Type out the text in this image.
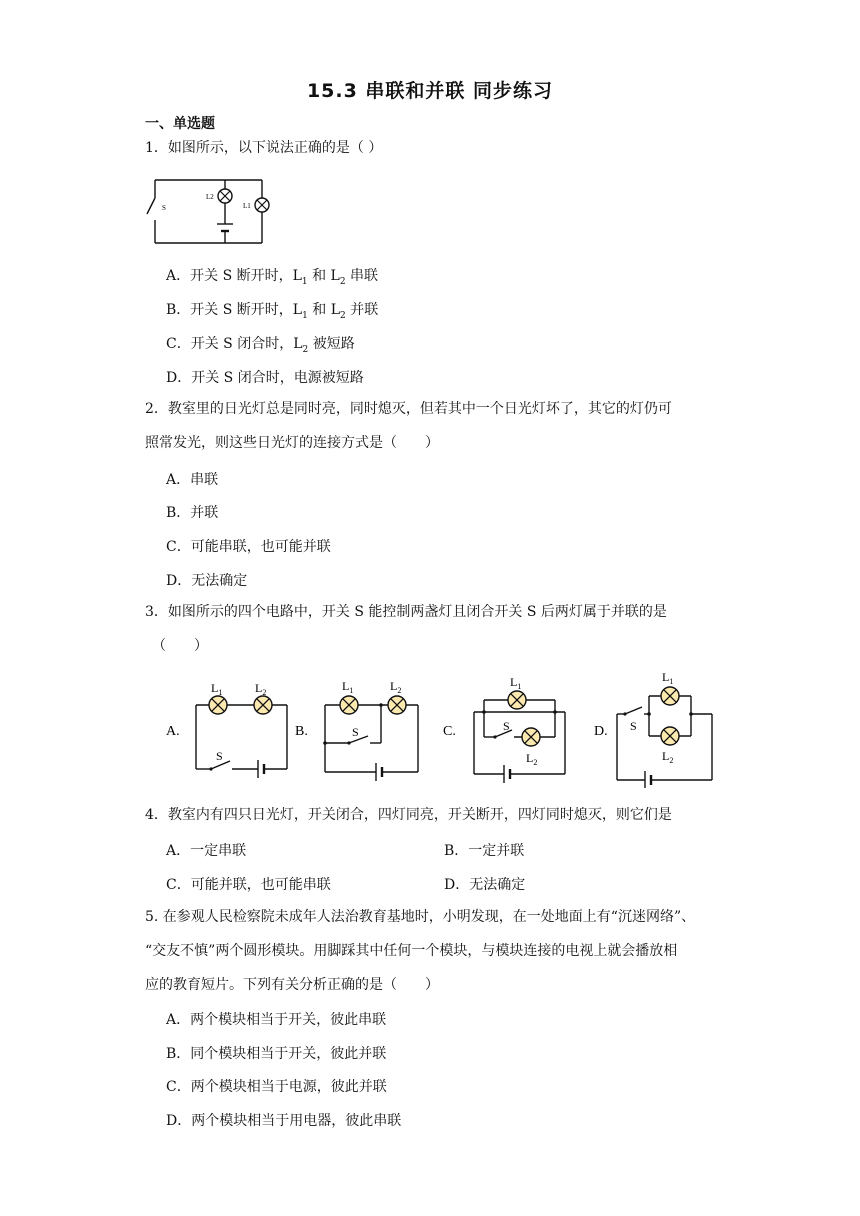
15.3 串联和并联 同步练习
一、单选题
1．如图所示，以下说法正确的是（ ）
S
L2
L1
A．开关 S 断开时，$L_1$ 和 $L_2$ 串联
B．开关 S 断开时，$L_1$ 和 $L_2$ 并联
C．开关 S 闭合时，$L_2$ 被短路
D．开关 S 闭合时，电源被短路
2．教室里的日光灯总是同时亮，同时熄灭，但若其中一个日光灯坏了，其它的灯仍可
照常发光，则这些日光灯的连接方式是（　　）
A．串联
B．并联
C．可能串联，也可能并联
D．无法确定
3．如图所示的四个电路中，开关 S 能控制两盏灯且闭合开关 S 后两灯属于并联的是
（　　）
A.
$L_1$	$L_2$
S
B.
$L_1$	$L_2$
S	C.
$L_1$
$L_2$
S	D.
$L_1$
$L_2$
S
4．教室内有四只日光灯，开关闭合，四灯同亮，开关断开，四灯同时熄灭，则它们是
A．一定串联	B．一定并联
C．可能并联，也可能串联	D．无法确定
5. 在参观人民检察院未成年人法治教育基地时，小明发现，在一处地面上有“沉迷网络”、
“交友不慎”两个圆形模块。用脚踩其中任何一个模块，与模块连接的电视上就会播放相
应的教育短片。下列有关分析正确的是（　　）
A．两个模块相当于开关，彼此串联
B．同个模块相当于开关，彼此并联
C．两个模块相当于电源，彼此并联
D．两个模块相当于用电器，彼此串联
